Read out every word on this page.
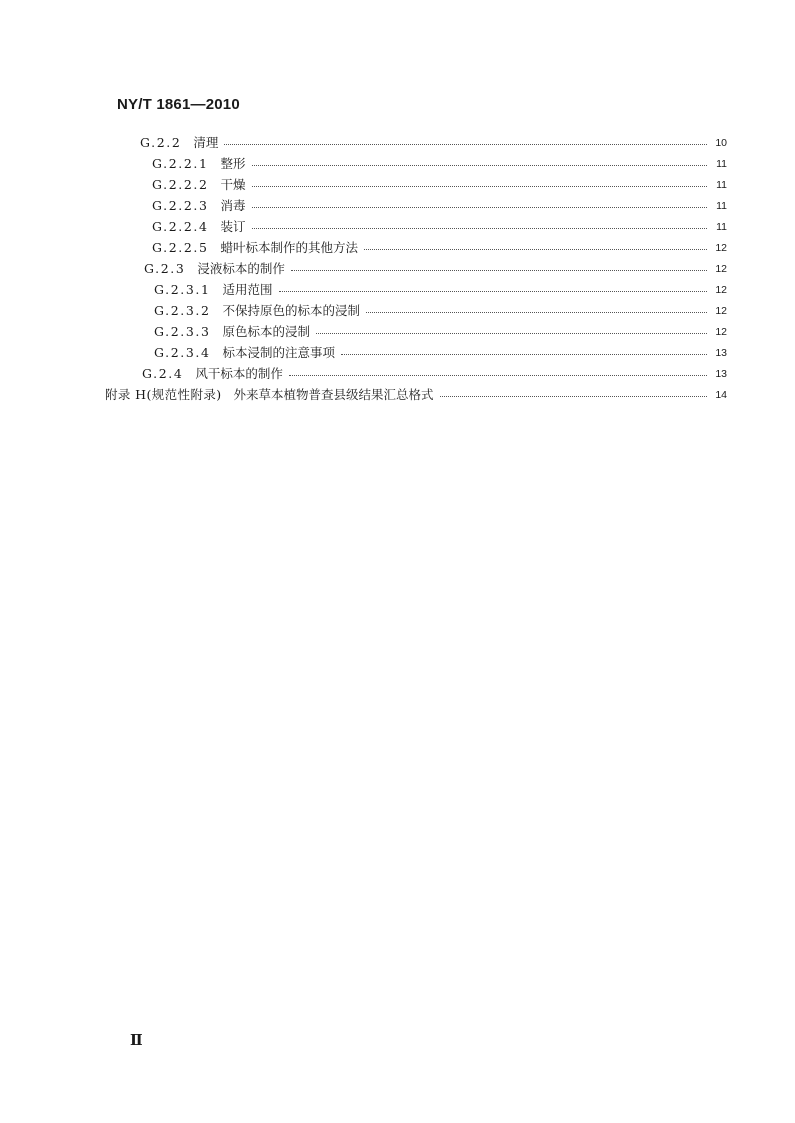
NY/T 1861—2010
G.2.2 清理	10
G.2.2.1 整形	11
G.2.2.2 干燥	11
G.2.2.3 消毒	11
G.2.2.4 装订	11
G.2.2.5 蜡叶标本制作的其他方法	12
G.2.3 浸液标本的制作	12
G.2.3.1 适用范围	12
G.2.3.2 不保持原色的标本的浸制	12
G.2.3.3 原色标本的浸制	12
G.2.3.4 标本浸制的注意事项	13
G.2.4 风干标本的制作	13
附录 H(规范性附录) 外来草本植物普查县级结果汇总格式	14
Ⅱ
